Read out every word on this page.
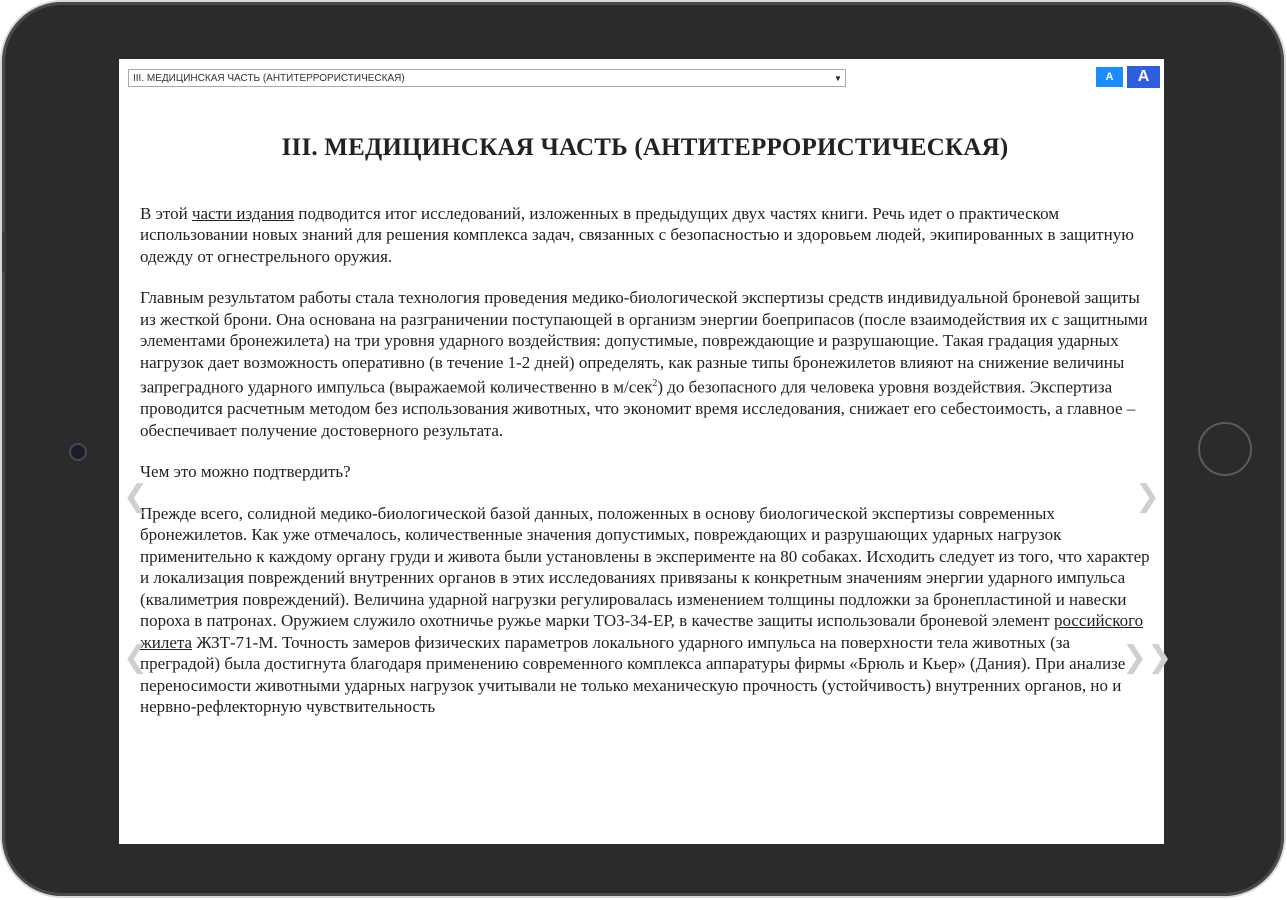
III. МЕДИЦИНСКАЯ ЧАСТЬ (АНТИТЕРРОРИСТИЧЕСКАЯ)	▼	A	A
III. МЕДИЦИНСКАЯ ЧАСТЬ (АНТИТЕРРОРИСТИЧЕСКАЯ)

В этой части издания подводится итог исследований, изложенных в предыдущих двух частях книги. Речь идет о практическом использовании новых знаний для решения комплекса задач, связанных с безопасностью и здоровьем людей, экипированных в защитную одежду от огнестрельного оружия.

Главным результатом работы стала технология проведения медико-биологической экспертизы средств индивидуальной броневой защиты из жесткой брони. Она основана на разграничении поступающей в организм энергии боеприпасов (после взаимодействия их с защитными элементами бронежилета) на три уровня ударного воздействия: допустимые, повреждающие и разрушающие. Такая градация ударных нагрузок дает возможность оперативно (в течение 1-2 дней) определять, как разные типы бронежилетов влияют на снижение величины запреградного ударного импульса (выражаемой количественно в м/сек$^2$) до безопасного для человека уровня воздействия. Экспертиза проводится расчетным методом без использования животных, что экономит время исследования, снижает его себестоимость, а главное – обеспечивает получение достоверного результата.

Чем это можно подтвердить?

Прежде всего, солидной медико-биологической базой данных, положенных в основу биологической экспертизы современных бронежилетов. Как уже отмечалось, количественные значения допустимых, повреждающих и разрушающих ударных нагрузок применительно к каждому органу груди и живота были установлены в эксперименте на 80 собаках. Исходить следует из того, что характер и локализация повреждений внутренних органов в этих исследованиях привязаны к конкретным значениям энергии ударного импульса (квалиметрия повреждений). Величина ударной нагрузки регулировалась изменением толщины подложки за бронепластиной и навески пороха в патронах. Оружием служило охотничье ружье марки ТОЗ-34-ЕР, в качестве защиты использовали броневой элемент российского жилета ЖЗТ-71-М. Точность замеров физических параметров локального ударного импульса на поверхности тела животных (за преградой) была достигнута благодаря применению современного комплекса аппаратуры фирмы «Брюль и Кьер» (Дания). При анализе переносимости животными ударных нагрузок учитывали не только механическую прочность (устойчивость) внутренних органов, но и нервно-рефлекторную чувствительность

❮	❯
❮	❯❯
